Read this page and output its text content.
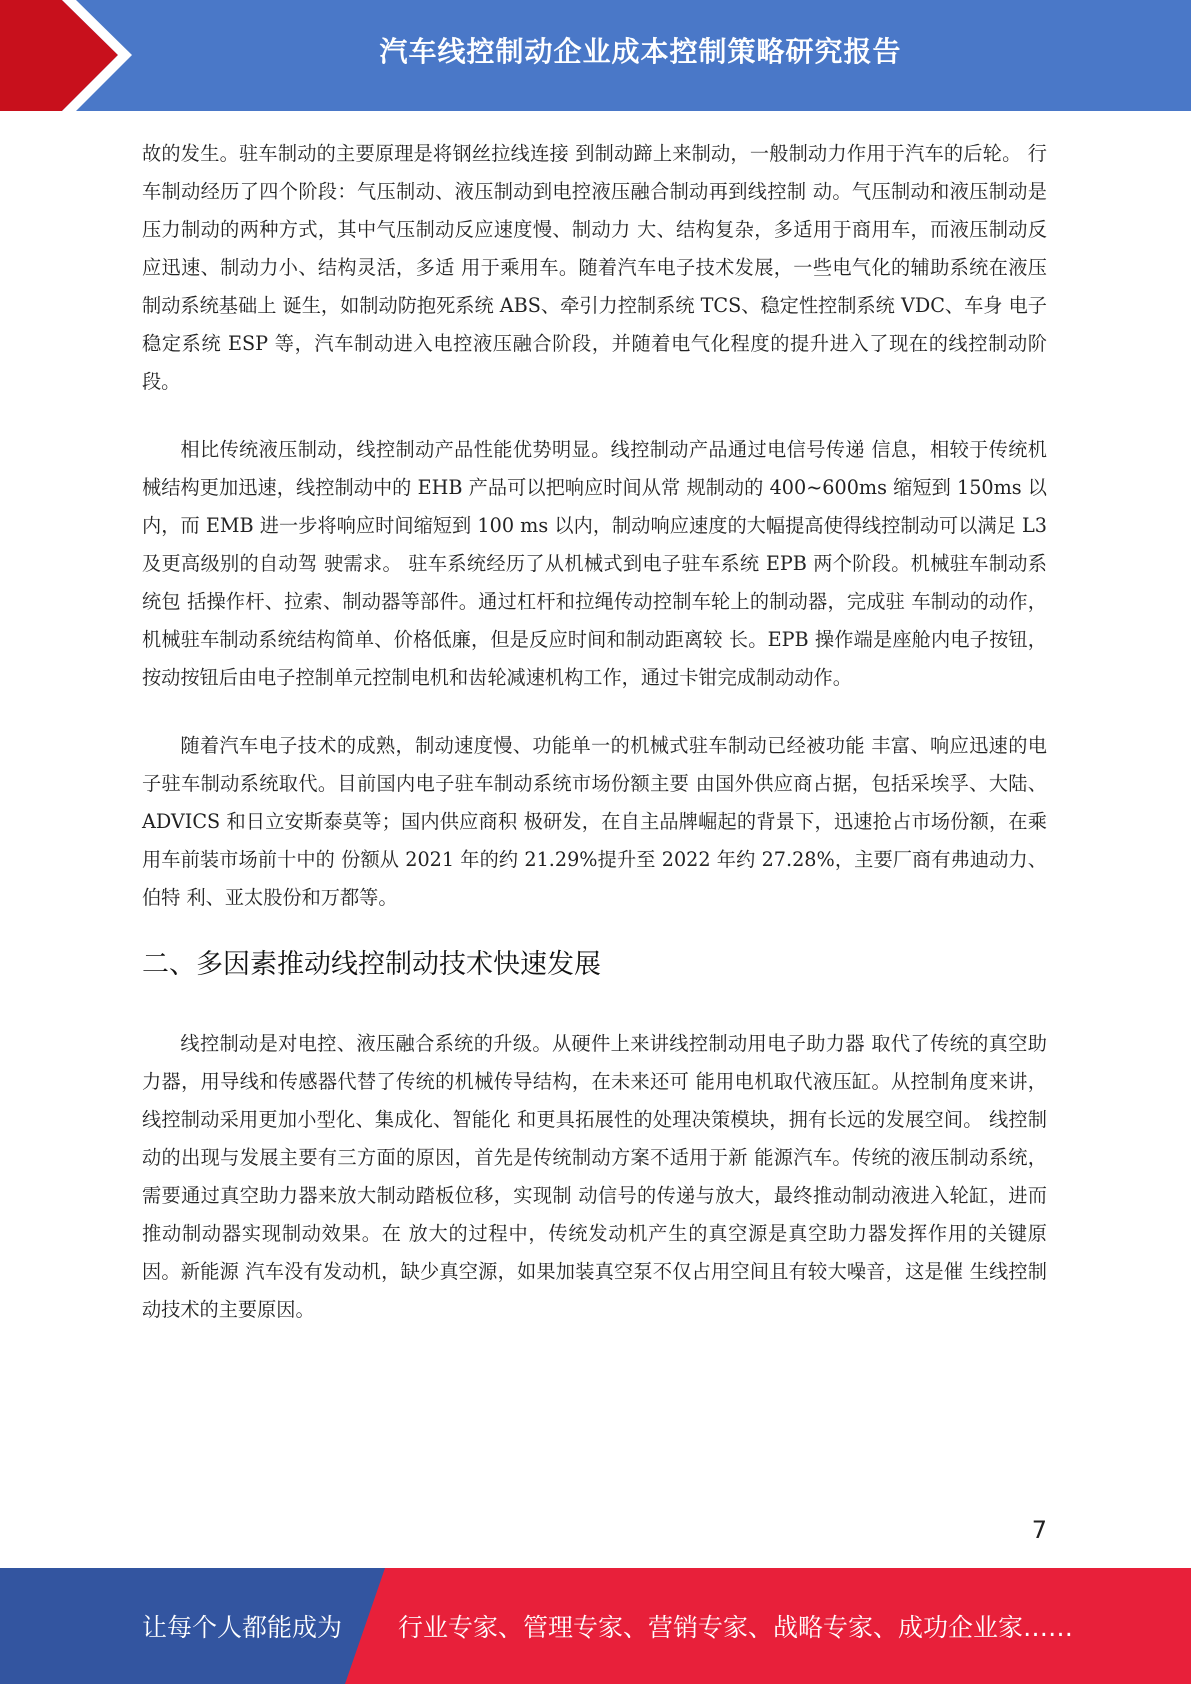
汽车线控制动企业成本控制策略研究报告

故的发生。驻车制动的主要原理是将钢丝拉线连接 到制动蹄上来制动，一般制动力作用于汽车的后轮。 行车制动经历了四个阶段：气压制动、液压制动到电控液压融合制动再到线控制 动。气压制动和液压制动是压力制动的两种方式，其中气压制动反应速度慢、制动力 大、结构复杂，多适用于商用车，而液压制动反应迅速、制动力小、结构灵活，多适 用于乘用车。随着汽车电子技术发展，一些电气化的辅助系统在液压制动系统基础上 诞生，如制动防抱死系统 ABS、牵引力控制系统 TCS、稳定性控制系统 VDC、车身 电子稳定系统 ESP 等，汽车制动进入电控液压融合阶段，并随着电气化程度的提升进入了现在的线控制动阶段。

相比传统液压制动，线控制动产品性能优势明显。线控制动产品通过电信号传递 信息，相较于传统机械结构更加迅速，线控制动中的 EHB 产品可以把响应时间从常 规制动的 400~600ms 缩短到 150ms 以内，而 EMB 进一步将响应时间缩短到 100 ms 以内，制动响应速度的大幅提高使得线控制动可以满足 L3 及更高级别的自动驾 驶需求。 驻车系统经历了从机械式到电子驻车系统 EPB 两个阶段。机械驻车制动系统包 括操作杆、拉索、制动器等部件。通过杠杆和拉绳传动控制车轮上的制动器，完成驻 车制动的动作，机械驻车制动系统结构简单、价格低廉，但是反应时间和制动距离较 长。EPB 操作端是座舱内电子按钮，按动按钮后由电子控制单元控制电机和齿轮减速机构工作，通过卡钳完成制动动作。

随着汽车电子技术的成熟，制动速度慢、功能单一的机械式驻车制动已经被功能 丰富、响应迅速的电子驻车制动系统取代。目前国内电子驻车制动系统市场份额主要 由国外供应商占据，包括采埃孚、大陆、ADVICS 和日立安斯泰莫等；国内供应商积 极研发，在自主品牌崛起的背景下，迅速抢占市场份额，在乘用车前装市场前十中的 份额从 2021 年的约 21.29%提升至 2022 年约 27.28%，主要厂商有弗迪动力、伯特 利、亚太股份和万都等。

二、多因素推动线控制动技术快速发展

线控制动是对电控、液压融合系统的升级。从硬件上来讲线控制动用电子助力器 取代了传统的真空助力器，用导线和传感器代替了传统的机械传导结构，在未来还可 能用电机取代液压缸。从控制角度来讲，线控制动采用更加小型化、集成化、智能化 和更具拓展性的处理决策模块，拥有长远的发展空间。 线控制动的出现与发展主要有三方面的原因，首先是传统制动方案不适用于新 能源汽车。传统的液压制动系统，需要通过真空助力器来放大制动踏板位移，实现制 动信号的传递与放大，最终推动制动液进入轮缸，进而推动制动器实现制动效果。在 放大的过程中，传统发动机产生的真空源是真空助力器发挥作用的关键原因。新能源 汽车没有发动机，缺少真空源，如果加装真空泵不仅占用空间且有较大噪音，这是催 生线控制动技术的主要原因。

7
让每个人都能成为 行业专家、管理专家、营销专家、战略专家、成功企业家……
